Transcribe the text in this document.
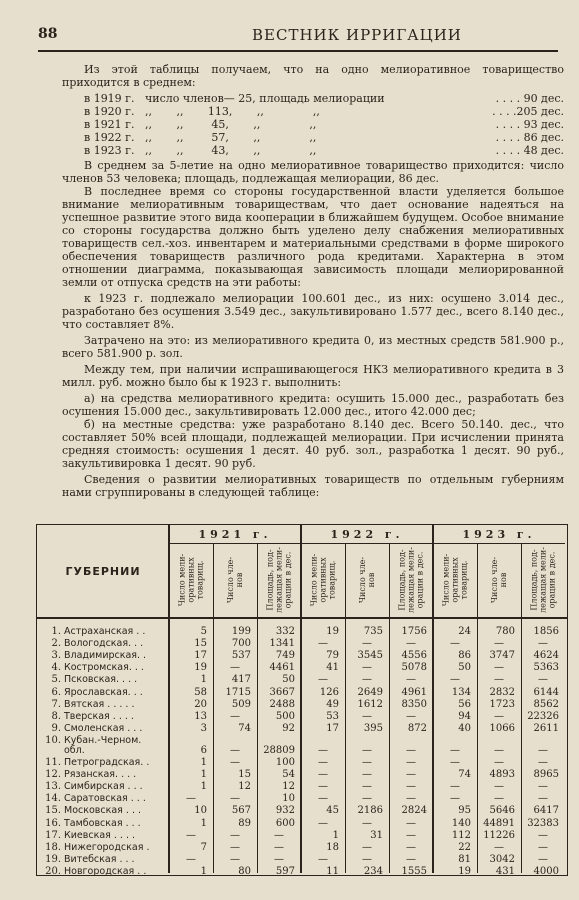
88	ВЕСТНИК ИРРИГАЦИИ

Из этой таблицы получаем, что на одно мелиоративное товарищество приходится в среднем:

в 1919 г. число членов— 25, площадь мелиорации	. . . . 90 дес.
в 1920 г. ,,       ,,       113,       ,,              ,,	. . . .205 дес.
в 1921 г. ,,       ,,        45,       ,,              ,,	. . . . 93 дес.
в 1922 г. ,,       ,,        57,       ,,              ,,	. . . . 86 дес.
в 1923 г. ,,       ,,        43,       ,,              ,,	. . . . 48 дес.

В среднем за 5-летие на одно мелиоративное товарищество приходится: число членов 53 человека; площадь, подлежащая мелиорации, 86 дес.

В последнее время со стороны государственной власти уделяется большое внимание мелиоративным товариществам, что дает основание надеяться на успешное развитие этого вида кооперации в ближайшем будущем. Особое внимание со стороны государства должно быть уделено делу снабжения мелиоративных товариществ сел.-хоз. инвентарем и материальными средствами в форме широкого обеспечения товариществ различного рода кредитами. Характерна в этом отношении диаграмма, показывающая зависимость площади мелиорированной земли от отпуска средств на эти работы:

к 1923 г. подлежало мелиорации 100.601 дес., из них: осушено 3.014 дес., разработано без осушения 3.549 дес., закультивировано 1.577 дес., всего 8.140 дес., что составляет 8%.

Затрачено на это: из мелиоративного кредита 0, из местных средств 581.900 р., всего 581.900 р. зол.

Между тем, при наличии испрашивающегося НКЗ мелиоративного кредита в 3 милл. руб. можно было бы к 1923 г. выполнить:

а) на средства мелиоративного кредита: осушить 15.000 дес., разработать без осушения 15.000 дес., закультивировать 12.000 дес., итого 42.000 дес;

б) на местные средства: уже разработано 8.140 дес. Всего 50.140. дес., что составляет 50% всей площади, подлежащей мелиорации. При исчислении принята средняя стоимость: осушения 1 десят. 40 руб. зол., разработка 1 десят. 90 руб., закультивировка 1 десят. 90 руб.

Сведения о развитии мелиоративных товариществ по отдельным губерниям нами сгруппированы в следующей таблице:

ГУБЕРНИИ
1921 г.	1922 г.	1923 г.
Число мели-
оративных
товарищ.	Число чле-
нов	Площадь, под-
лежащая мели-
орации в дес.
Число мели-
оративных
товарищ.	Число чле-
нов	Площадь, под-
лежащая мели-
орации в дес.
Число мели-
оративных
товарищ.	Число чле-
нов	Площадь, под-
лежащая мели-
орации в дес.
1. Астраханская . .	5	199	332	19	735	1756	24	780	1856
2. Вологодская. . .	15	700	1341	—	—	—	—	—	—
3. Владимирская. .	17	537	749	79	3545	4556	86	3747	4624
4. Костромская. . .	19	—	4461	41	—	5078	50	—	5363
5. Псковская. . . .	1	417	50	—	—	—	—	—	—
6. Ярославская. . .	58	1715	3667	126	2649	4961	134	2832	6144
7. Вятская . . . . .	20	509	2488	49	1612	8350	56	1723	8562
8. Тверская . . . .	13	—	500	53	—	—	94	—	22326
9. Смоленская . . .	3	74	92	17	395	872	40	1066	2611
10. Кубан.-Черном. обл.	6	—	28809	—	—	—	—	—	—
11. Петроградская. .	1	—	100	—	—	—	—	—	—
12. Рязанская. . . .	1	15	54	—	—	—	74	4893	8965
13. Симбирская . . .	1	12	12	—	—	—	—	—	—
14. Саратовская . . .	—	—	10	—	—	—	—	—	—
15. Московская . . .	10	567	932	45	2186	2824	95	5646	6417
16. Тамбовская . . .	1	89	600	—	—	—	140	44891	32383
17. Киевская . . . .	—	—	—	1	31	—	112	11226	—
18. Нижегородская .	7	—	—	18	—	—	22	—	—
19. Витебская . . .	—	—	—	—	—	—	81	3042	—
20. Новгородская . .	1	80	597	11	234	1555	19	431	4000
